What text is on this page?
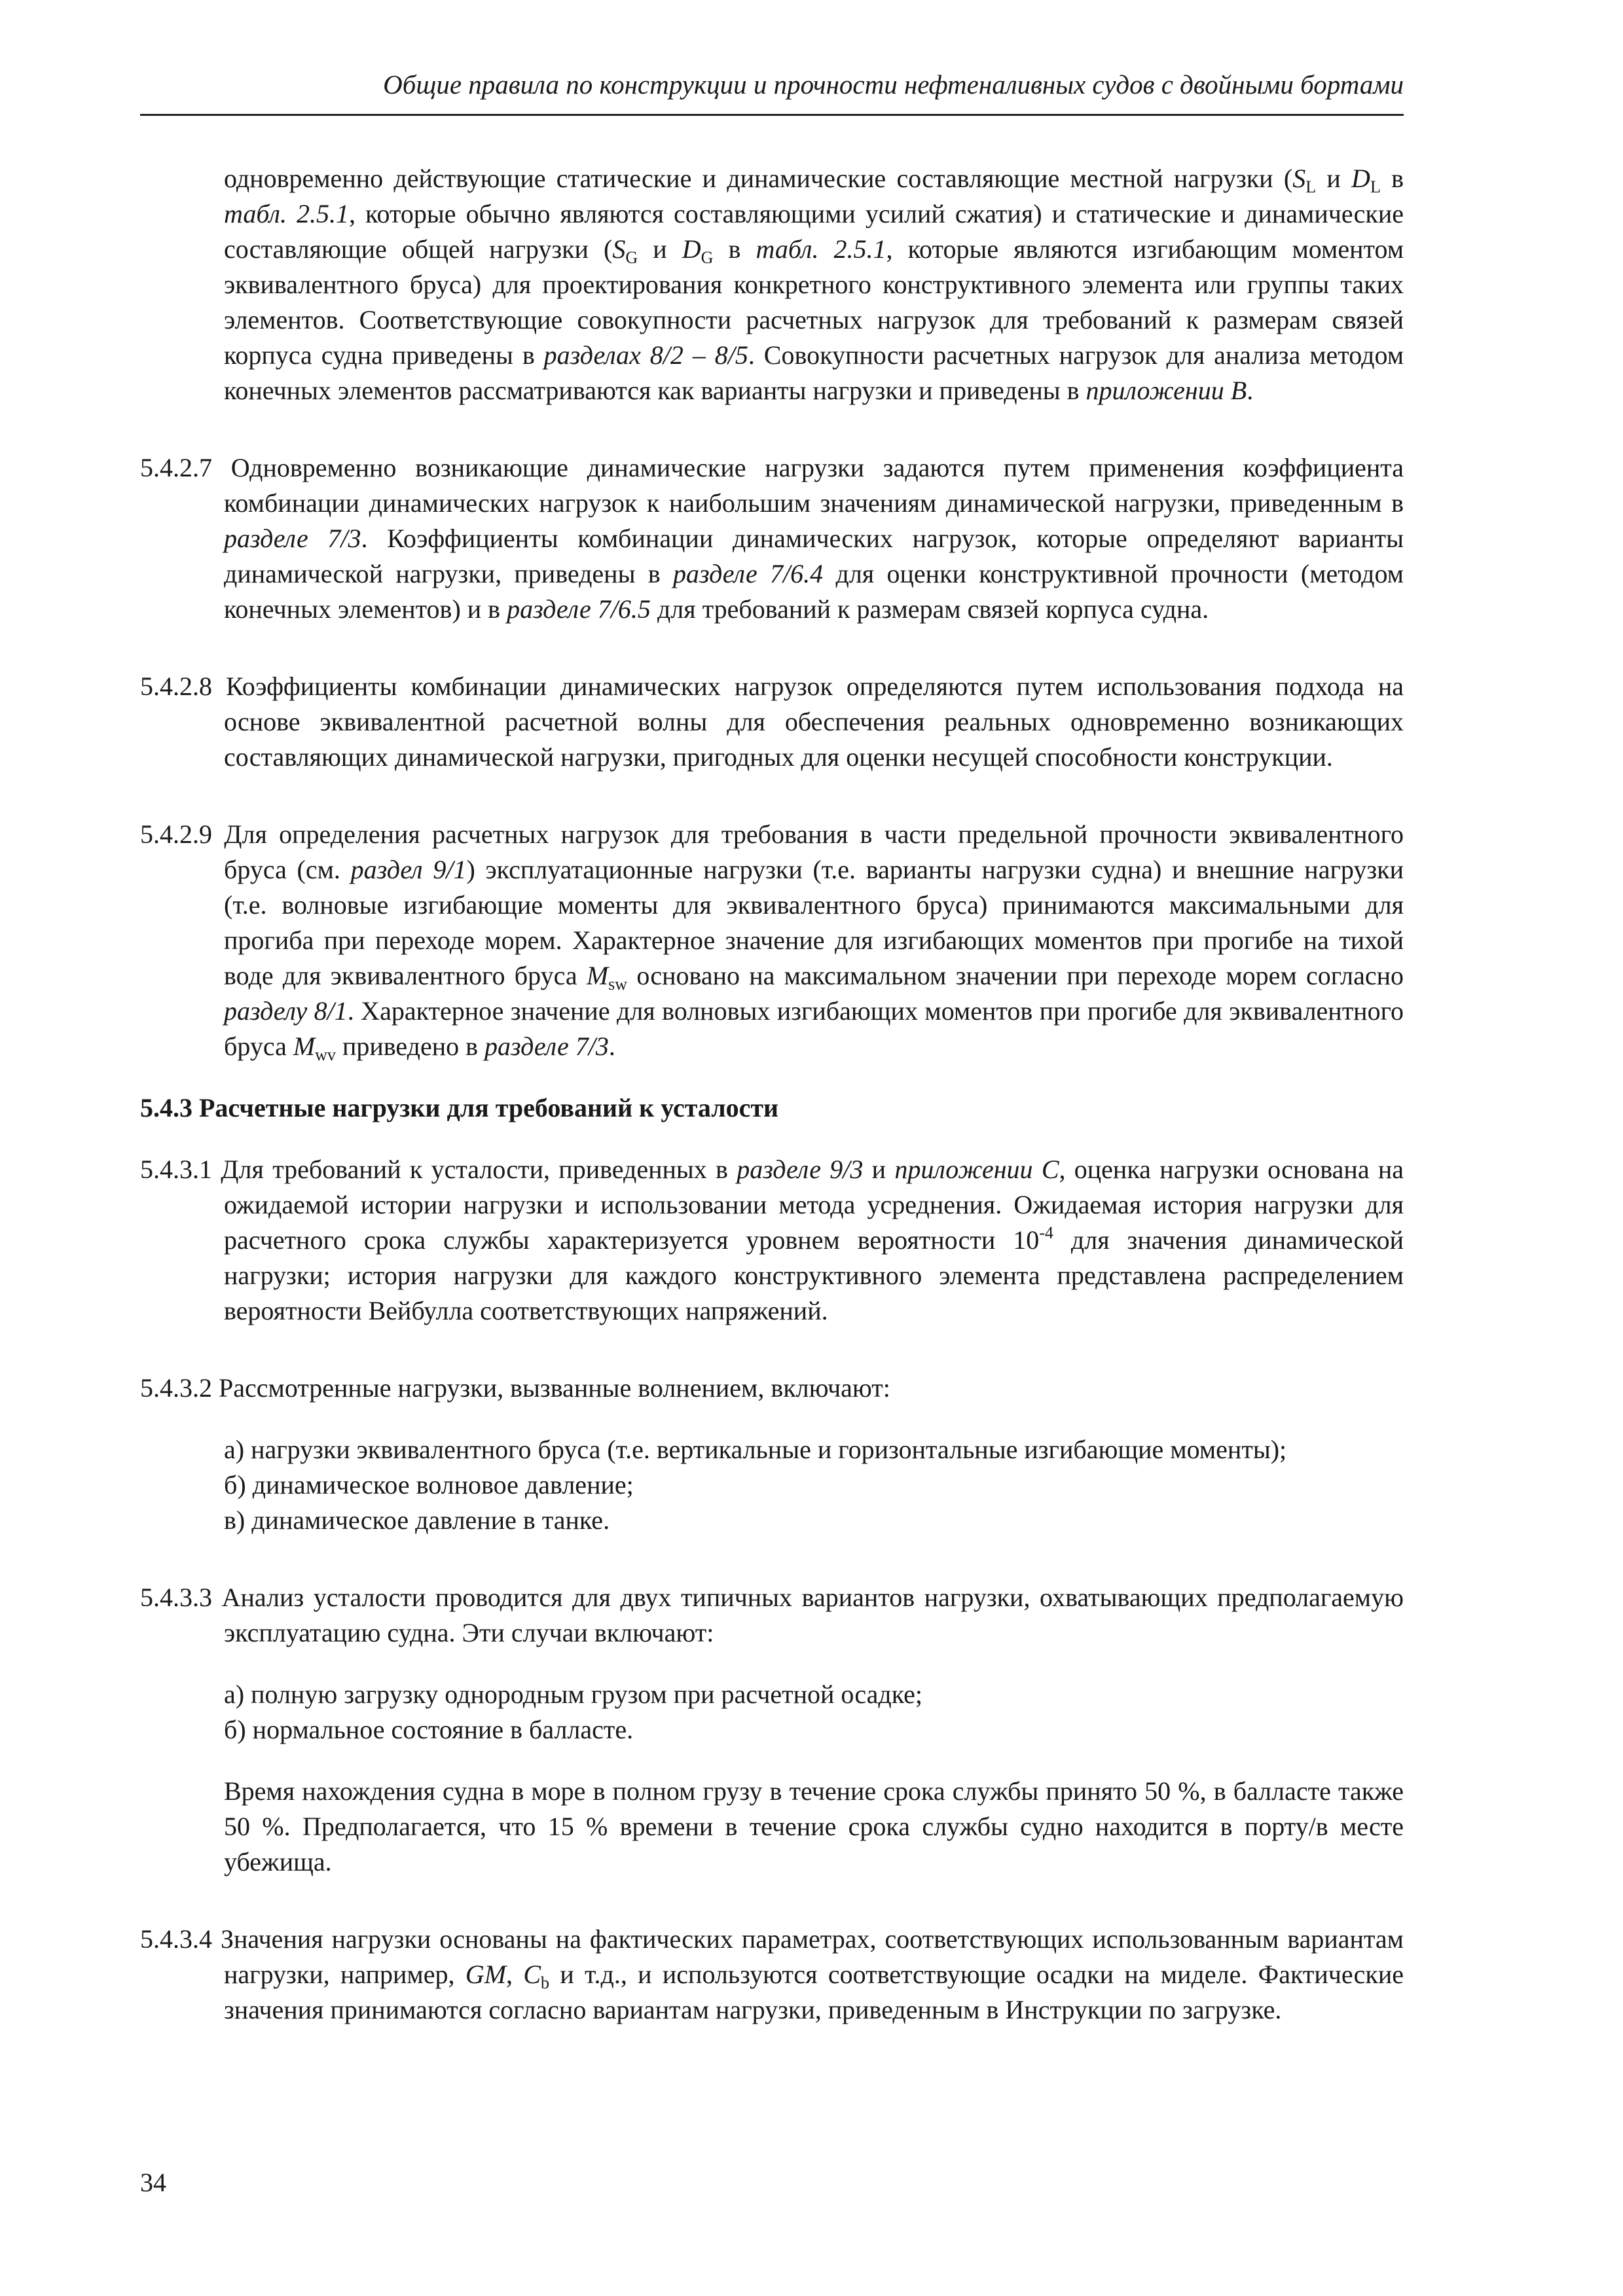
Общие правила по конструкции и прочности нефтеналивных судов с двойными бортами
одновременно действующие статические и динамические составляющие местной нагрузки ($S_L$ и $D_L$ в табл. 2.5.1, которые обычно являются составляющими усилий сжатия) и статические и динамические составляющие общей нагрузки ($S_G$ и $D_G$ в табл. 2.5.1, которые являются изгибающим моментом эквивалентного бруса) для проектирования конкретного конструктивного элемента или группы таких элементов. Соответствующие совокупности расчетных нагрузок для требований к размерам связей корпуса судна приведены в разделах 8/2 – 8/5. Совокупности расчетных нагрузок для анализа методом конечных элементов рассматриваются как варианты нагрузки и приведены в приложении В.
5.4.2.7 Одновременно возникающие динамические нагрузки задаются путем применения коэффициента комбинации динамических нагрузок к наибольшим значениям динамической нагрузки, приведенным в разделе 7/3. Коэффициенты комбинации динамических нагрузок, которые определяют варианты динамической нагрузки, приведены в разделе 7/6.4 для оценки конструктивной прочности (методом конечных элементов) и в разделе 7/6.5 для требований к размерам связей корпуса судна.
5.4.2.8 Коэффициенты комбинации динамических нагрузок определяются путем использования подхода на основе эквивалентной расчетной волны для обеспечения реальных одновременно возникающих составляющих динамической нагрузки, пригодных для оценки несущей способности конструкции.
5.4.2.9 Для определения расчетных нагрузок для требования в части предельной прочности эквивалентного бруса (см. раздел 9/1) эксплуатационные нагрузки (т.е. варианты нагрузки судна) и внешние нагрузки (т.е. волновые изгибающие моменты для эквивалентного бруса) принимаются максимальными для прогиба при переходе морем. Характерное значение для изгибающих моментов при прогибе на тихой воде для эквивалентного бруса $M_{sw}$ основано на максимальном значении при переходе морем согласно разделу 8/1. Характерное значение для волновых изгибающих моментов при прогибе для эквивалентного бруса $M_{wv}$ приведено в разделе 7/3.
5.4.3 Расчетные нагрузки для требований к усталости
5.4.3.1 Для требований к усталости, приведенных в разделе 9/3 и приложении С, оценка нагрузки основана на ожидаемой истории нагрузки и использовании метода усреднения. Ожидаемая история нагрузки для расчетного срока службы характеризуется уровнем вероятности $10^{-4}$ для значения динамической нагрузки; история нагрузки для каждого конструктивного элемента представлена распределением вероятности Вейбулла соответствующих напряжений.
5.4.3.2 Рассмотренные нагрузки, вызванные волнением, включают:
а) нагрузки эквивалентного бруса (т.е. вертикальные и горизонтальные изгибающие моменты);
б) динамическое волновое давление;
в) динамическое давление в танке.
5.4.3.3 Анализ усталости проводится для двух типичных вариантов нагрузки, охватывающих предполагаемую эксплуатацию судна. Эти случаи включают:
а) полную загрузку однородным грузом при расчетной осадке;
б) нормальное состояние в балласте.
Время нахождения судна в море в полном грузу в течение срока службы принято 50 %, в балласте также 50 %. Предполагается, что 15 % времени в течение срока службы судно находится в порту/в месте убежища.
5.4.3.4 Значения нагрузки основаны на фактических параметрах, соответствующих использованным вариантам нагрузки, например, GM, $C_b$ и т.д., и используются соответствующие осадки на миделе. Фактические значения принимаются согласно вариантам нагрузки, приведенным в Инструкции по загрузке.
34
